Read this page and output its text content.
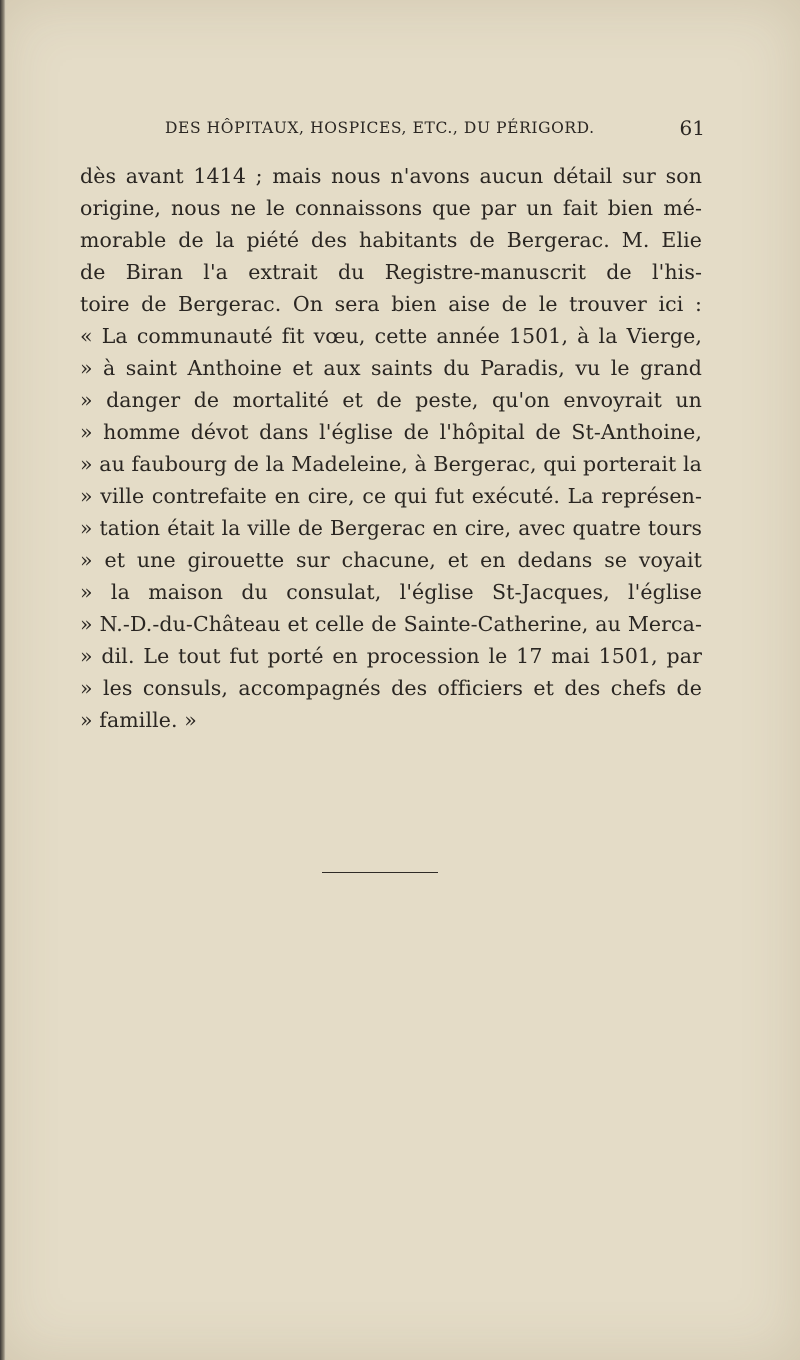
DES HÔPITAUX, HOSPICES, ETC., DU PÉRIGORD.	61
dès avant 1414 ; mais nous n'avons aucun détail sur son
origine, nous ne le connaissons que par un fait bien mé-
morable de la piété des habitants de Bergerac. M. Elie
de Biran l'a extrait du Registre-manuscrit de l'his-
toire de Bergerac. On sera bien aise de le trouver ici :
« La communauté fit vœu, cette année 1501, à la Vierge,
» à saint Anthoine et aux saints du Paradis, vu le grand
» danger de mortalité et de peste, qu'on envoyrait un
» homme dévot dans l'église de l'hôpital de St-Anthoine,
» au faubourg de la Madeleine, à Bergerac, qui porterait la
» ville contrefaite en cire, ce qui fut exécuté. La représen-
» tation était la ville de Bergerac en cire, avec quatre tours
» et une girouette sur chacune, et en dedans se voyait
» la maison du consulat, l'église St-Jacques, l'église
» N.-D.-du-Château et celle de Sainte-Catherine, au Merca-
» dil. Le tout fut porté en procession le 17 mai 1501, par
» les consuls, accompagnés des officiers et des chefs de
» famille. »
